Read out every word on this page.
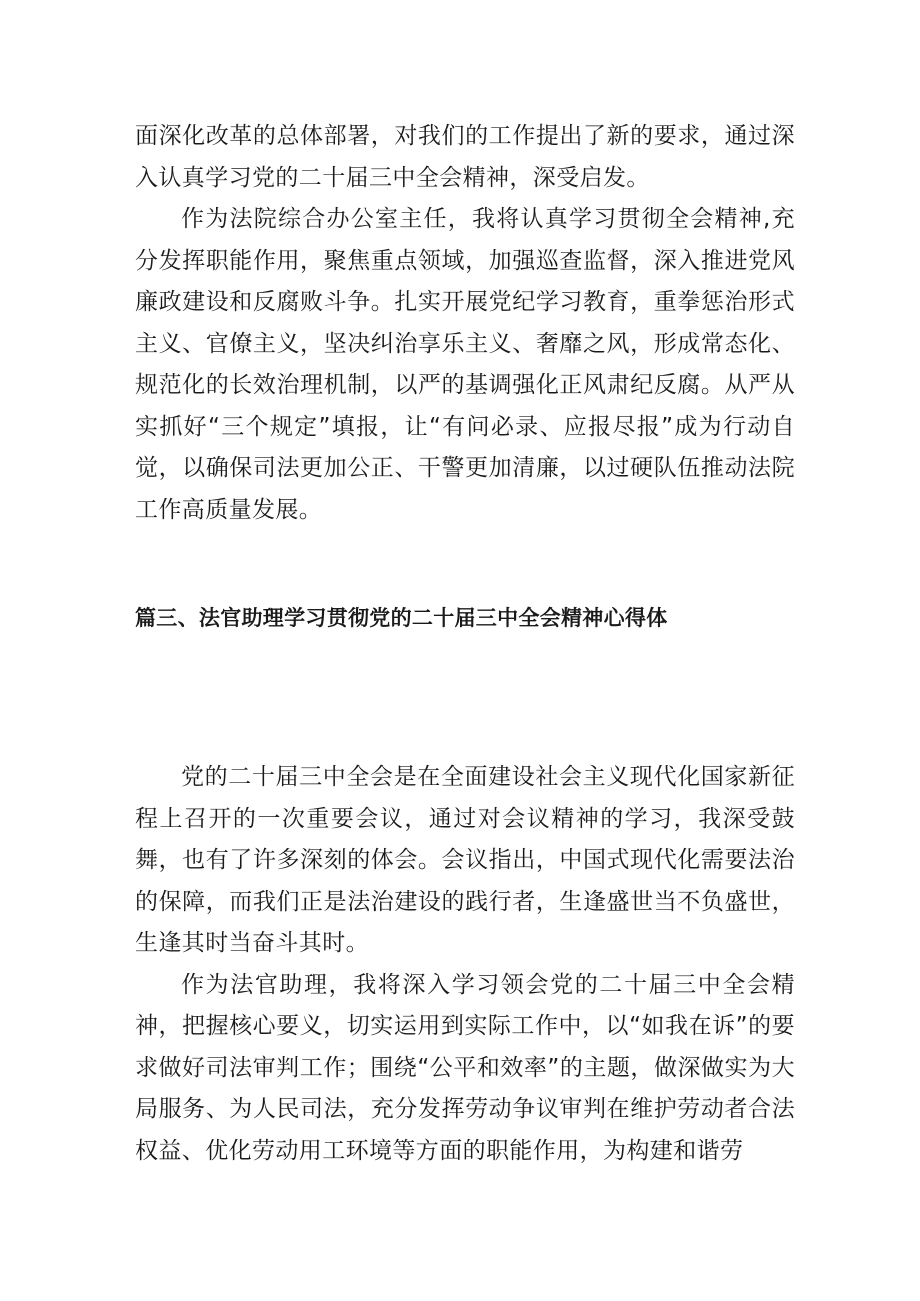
面深化改革的总体部署，对我们的工作提出了新的要求，通过深入认真学习党的二十届三中全会精神，深受启发。

作为法院综合办公室主任，我将认真学习贯彻全会精神,充分发挥职能作用，聚焦重点领域，加强巡查监督，深入推进党风廉政建设和反腐败斗争。扎实开展党纪学习教育，重拳惩治形式主义、官僚主义，坚决纠治享乐主义、奢靡之风，形成常态化、规范化的长效治理机制，以严的基调强化正风肃纪反腐。从严从实抓好“三个规定”填报，让“有问必录、应报尽报”成为行动自觉，以确保司法更加公正、干警更加清廉，以过硬队伍推动法院工作高质量发展。

篇三、法官助理学习贯彻党的二十届三中全会精神心得体

党的二十届三中全会是在全面建设社会主义现代化国家新征程上召开的一次重要会议，通过对会议精神的学习，我深受鼓舞，也有了许多深刻的体会。会议指出，中国式现代化需要法治的保障，而我们正是法治建设的践行者，生逢盛世当不负盛世，生逢其时当奋斗其时。

作为法官助理，我将深入学习领会党的二十届三中全会精神，把握核心要义，切实运用到实际工作中，以“如我在诉”的要求做好司法审判工作；围绕“公平和效率”的主题，做深做实为大局服务、为人民司法，充分发挥劳动争议审判在维护劳动者合法权益、优化劳动用工环境等方面的职能作用，为构建和谐劳
